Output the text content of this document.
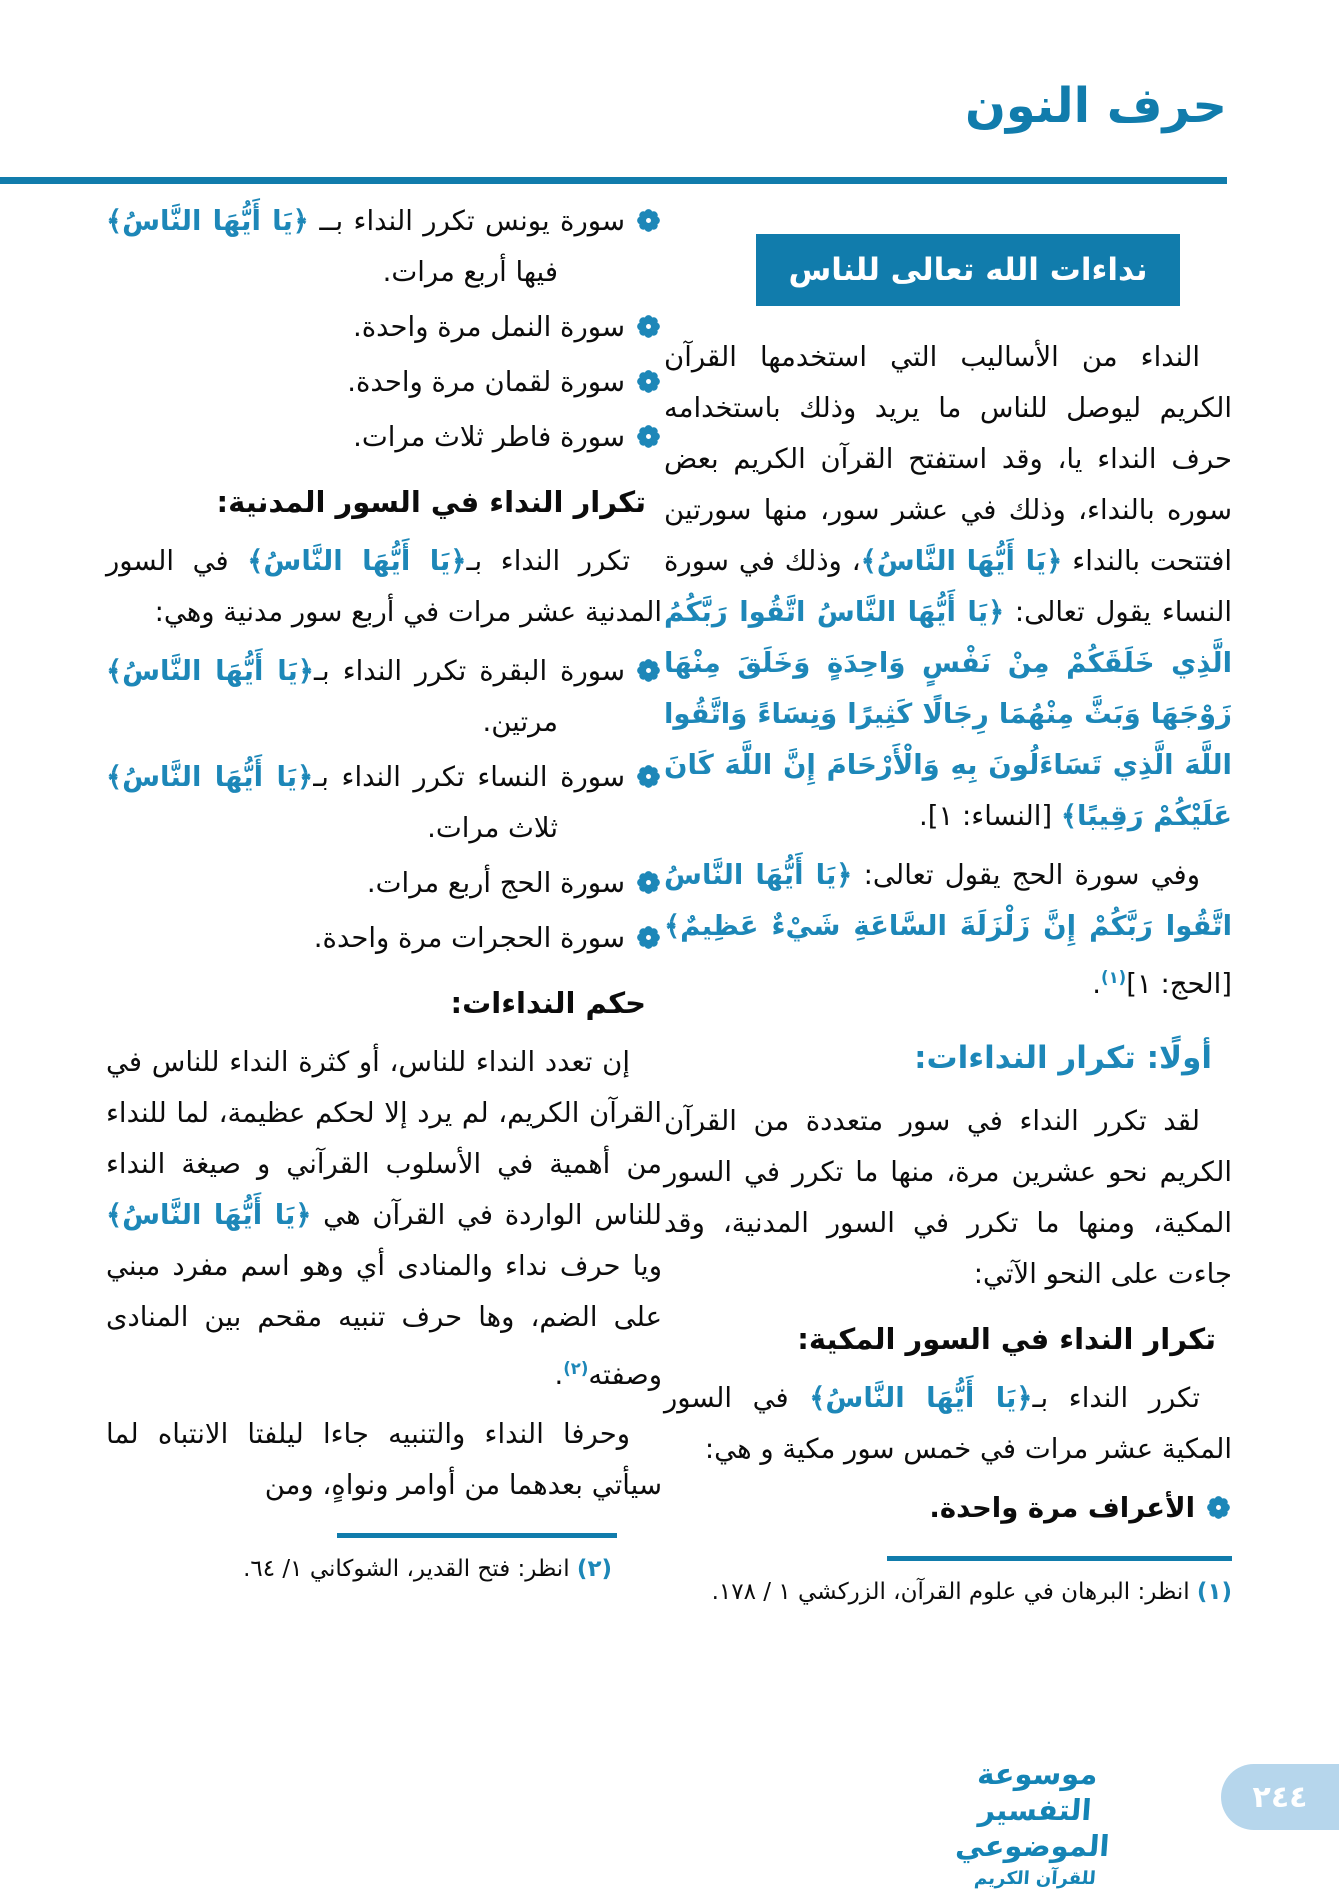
حرف النون
نداءات الله تعالى للناس

النداء من الأساليب التي استخدمها القرآن الكريم ليوصل للناس ما يريد وذلك باستخدامه حرف النداء يا، وقد استفتح القرآن الكريم بعض سوره بالنداء، وذلك في عشر سور، منها سورتين افتتحت بالنداء ﴿يَا أَيُّهَا النَّاسُ﴾، وذلك في سورة النساء يقول تعالى: ﴿يَا أَيُّهَا النَّاسُ اتَّقُوا رَبَّكُمُ الَّذِي خَلَقَكُمْ مِنْ نَفْسٍ وَاحِدَةٍ وَخَلَقَ مِنْهَا زَوْجَهَا وَبَثَّ مِنْهُمَا رِجَالًا كَثِيرًا وَنِسَاءً وَاتَّقُوا اللَّهَ الَّذِي تَسَاءَلُونَ بِهِ وَالْأَرْحَامَ إِنَّ اللَّهَ كَانَ عَلَيْكُمْ رَقِيبًا﴾ [النساء: ١].

وفي سورة الحج يقول تعالى: ﴿يَا أَيُّهَا النَّاسُ اتَّقُوا رَبَّكُمْ إِنَّ زَلْزَلَةَ السَّاعَةِ شَيْءٌ عَظِيمٌ﴾ [الحج: ١]$^{(١)}$.

أولًا: تكرار النداءات:

لقد تكرر النداء في سور متعددة من القرآن الكريم نحو عشرين مرة، منها ما تكرر في السور المكية، ومنها ما تكرر في السور المدنية، وقد جاءت على النحو الآتي:

تكرار النداء في السور المكية:

تكرر النداء بـ﴿يَا أَيُّهَا النَّاسُ﴾ في السور المكية عشر مرات في خمس سور مكية و هي:

الأعراف مرة واحدة.

(١) انظر: البرهان في علوم القرآن، الزركشي ١ / ١٧٨.

سورة يونس تكرر النداء بــ ﴿يَا أَيُّهَا النَّاسُ﴾ فيها أربع مرات.
سورة النمل مرة واحدة.
سورة لقمان مرة واحدة.
سورة فاطر ثلاث مرات.
تكرار النداء في السور المدنية:

تكرر النداء بـ﴿يَا أَيُّهَا النَّاسُ﴾ في السور المدنية عشر مرات في أربع سور مدنية وهي:

سورة البقرة تكرر النداء بـ﴿يَا أَيُّهَا النَّاسُ﴾ مرتين.
سورة النساء تكرر النداء بـ﴿يَا أَيُّهَا النَّاسُ﴾ ثلاث مرات.
سورة الحج أربع مرات.
سورة الحجرات مرة واحدة.
حكم النداءات:

إن تعدد النداء للناس، أو كثرة النداء للناس في القرآن الكريم، لم يرد إلا لحكم عظيمة، لما للنداء من أهمية في الأسلوب القرآني و صيغة النداء للناس الواردة في القرآن هي ﴿يَا أَيُّهَا النَّاسُ﴾ ويا حرف نداء والمنادى أي وهو اسم مفرد مبني على الضم، وها حرف تنبيه مقحم بين المنادى وصفته$^{(٢)}$.

وحرفا النداء والتنبيه جاءا ليلفتا الانتباه لما سيأتي بعدهما من أوامر ونواهٍ، ومن

(٢) انظر: فتح القدير، الشوكاني ١/ ٦٤.

موسوعة التفسير الموضوعي
للقرآن الكريم
٢٤٤
